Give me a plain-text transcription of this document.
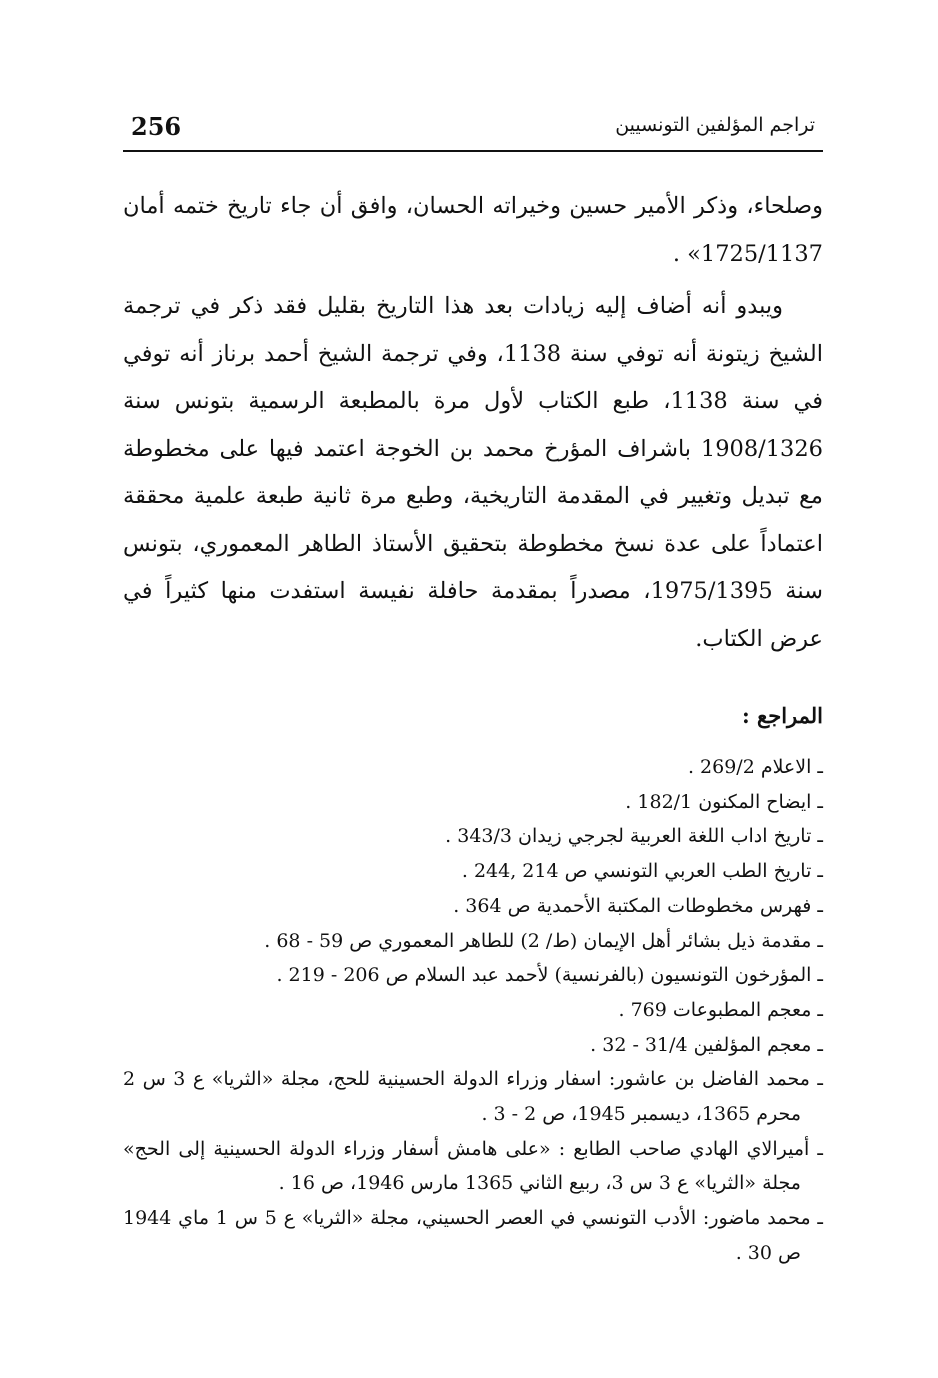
تراجم المؤلفين التونسيين
256

وصلحاء، وذكر الأمير حسين وخيراته الحسان، وافق أن جاء تاريخ ختمه أمان 1725/1137» .

ويبدو أنه أضاف إليه زيادات بعد هذا التاريخ بقليل فقد ذكر في ترجمة الشيخ زيتونة أنه توفي سنة 1138، وفي ترجمة الشيخ أحمد برناز أنه توفي في سنة 1138، طبع الكتاب لأول مرة بالمطبعة الرسمية بتونس سنة 1908/1326 باشراف المؤرخ محمد بن الخوجة اعتمد فيها على مخطوطة مع تبديل وتغيير في المقدمة التاريخية، وطبع مرة ثانية طبعة علمية محققة اعتماداً على عدة نسخ مخطوطة بتحقيق الأستاذ الطاهر المعموري، بتونس سنة 1975/1395، مصدراً بمقدمة حافلة نفيسة استفدت منها كثيراً في عرض الكتاب.

المراجع :
ـ الاعلام 269/2 .
ـ ايضاح المكنون 182/1 .
ـ تاريخ اداب اللغة العربية لجرجي زيدان 343/3 .
ـ تاريخ الطب العربي التونسي ص 214 ,244 .
ـ فهرس مخطوطات المكتبة الأحمدية ص 364 .
ـ مقدمة ذيل بشائر أهل الإيمان (ط/ 2) للطاهر المعموري ص 59 - 68 .
ـ المؤرخون التونسيون (بالفرنسية) لأحمد عبد السلام ص 206 - 219 .
ـ معجم المطبوعات 769 .
ـ معجم المؤلفين 31/4 - 32 .
ـ محمد الفاضل بن عاشور: اسفار وزراء الدولة الحسينية للحج، مجلة «الثريا» ع 3 س 2 محرم 1365، ديسمبر 1945، ص 2 - 3 .
ـ أميرالاي الهادي صاحب الطابع : «على هامش أسفار وزراء الدولة الحسينية إلى الحج» مجلة «الثريا» ع 3 س 3، ربيع الثاني 1365 مارس 1946، ص 16 .
ـ محمد ماضور: الأدب التونسي في العصر الحسيني، مجلة «الثريا» ع 5 س 1 ماي 1944 ص 30 .
